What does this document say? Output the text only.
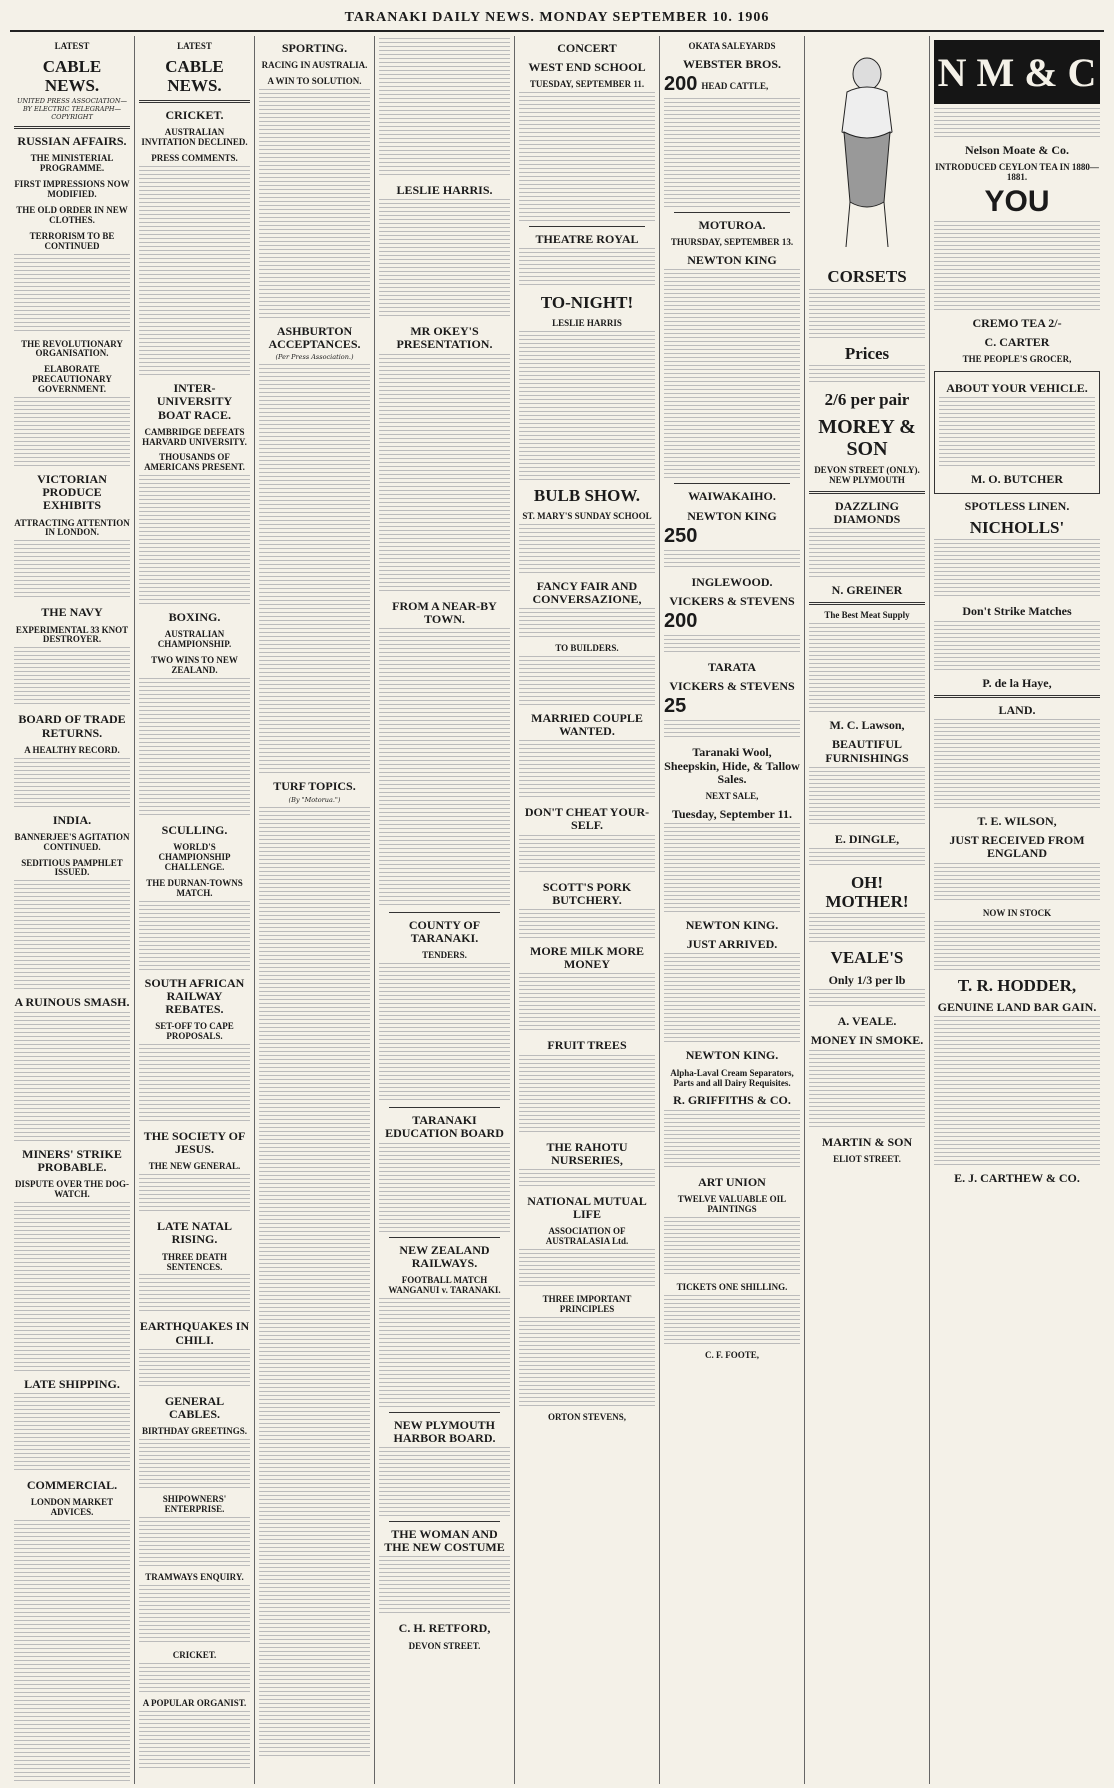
TARANAKI DAILY NEWS. MONDAY SEPTEMBER 10. 1906
LATEST
CABLE NEWS.
UNITED PRESS ASSOCIATION—BY ELECTRIC TELEGRAPH—COPYRIGHT
RUSSIAN AFFAIRS.
THE MINISTERIAL PROGRAMME.
FIRST IMPRESSIONS NOW MODIFIED.
THE OLD ORDER IN NEW CLOTHES.
TERRORISM TO BE CONTINUED
THE REVOLUTIONARY ORGANISATION.
ELABORATE PRECAUTIONARY GOVERNMENT.
VICTORIAN PRODUCE EXHIBITS
ATTRACTING ATTENTION IN LONDON.
THE NAVY
EXPERIMENTAL 33 KNOT DESTROYER.
BOARD OF TRADE RETURNS.
A HEALTHY RECORD.
INDIA.
BANNERJEE'S AGITATION CONTINUED.
SEDITIOUS PAMPHLET ISSUED.
A RUINOUS SMASH.
MINERS' STRIKE PROBABLE.
DISPUTE OVER THE DOG-WATCH.
LATE SHIPPING.
COMMERCIAL.
LONDON MARKET ADVICES.
LATEST
CABLE NEWS.
CRICKET.
AUSTRALIAN INVITATION DECLINED.
PRESS COMMENTS.
INTER-UNIVERSITY BOAT RACE.
CAMBRIDGE DEFEATS HARVARD UNIVERSITY.
THOUSANDS OF AMERICANS PRESENT.
BOXING.
AUSTRALIAN CHAMPIONSHIP.
TWO WINS TO NEW ZEALAND.
SCULLING.
WORLD'S CHAMPIONSHIP CHALLENGE.
THE DURNAN-TOWNS MATCH.
SOUTH AFRICAN RAILWAY REBATES.
SET-OFF TO CAPE PROPOSALS.
THE SOCIETY OF JESUS.
THE NEW GENERAL.
LATE NATAL RISING.
THREE DEATH SENTENCES.
EARTHQUAKES IN CHILI.
GENERAL CABLES.
BIRTHDAY GREETINGS.
SHIPOWNERS' ENTERPRISE.
TRAMWAYS ENQUIRY.
CRICKET.
A POPULAR ORGANIST.
SPORTING.
RACING IN AUSTRALIA.
A WIN TO SOLUTION.
ASHBURTON ACCEPTANCES.
(Per Press Association.)
TURF TOPICS.
(By "Motorua.")
LESLIE HARRIS.
MR OKEY'S PRESENTATION.
FROM A NEAR-BY TOWN.
COUNTY OF TARANAKI.
TENDERS.
TARANAKI EDUCATION BOARD
NEW ZEALAND RAILWAYS.
FOOTBALL MATCH WANGANUI v. TARANAKI.
NEW PLYMOUTH HARBOR BOARD.
THE WOMAN AND THE NEW COSTUME
C. H. RETFORD,
DEVON STREET.
CONCERT
WEST END SCHOOL
TUESDAY, SEPTEMBER 11.
THEATRE ROYAL
TO-NIGHT!
LESLIE HARRIS
BULB SHOW.
ST. MARY'S SUNDAY SCHOOL
FANCY FAIR AND CONVERSAZIONE,
TO BUILDERS.
MARRIED COUPLE WANTED.
DON'T CHEAT YOUR-SELF.
SCOTT'S PORK BUTCHERY.
MORE MILK MORE MONEY
FRUIT TREES
THE RAHOTU NURSERIES,
NATIONAL MUTUAL LIFE
ASSOCIATION OF AUSTRALASIA Ltd.
THREE IMPORTANT PRINCIPLES
ORTON STEVENS,
OKATA SALEYARDS
WEBSTER BROS.
200 HEAD CATTLE,
MOTUROA.
THURSDAY, SEPTEMBER 13.
NEWTON KING
WAIWAKAIHO.
NEWTON KING
250
INGLEWOOD.
VICKERS & STEVENS
200
TARATA
VICKERS & STEVENS
25
Taranaki Wool, Sheepskin, Hide, & Tallow Sales.
NEXT SALE,
Tuesday, September 11.
NEWTON KING.
JUST ARRIVED.
NEWTON KING.
Alpha-Laval Cream Separators, Parts and all Dairy Requisites.
R. GRIFFITHS & CO.
ART UNION
TWELVE VALUABLE OIL PAINTINGS
TICKETS ONE SHILLING.
C. F. FOOTE,
CORSETS
Prices
2/6 per pair
MOREY & SON
DEVON STREET (ONLY). NEW PLYMOUTH
DAZZLING DIAMONDS
N. GREINER
The Best Meat Supply
M. C. Lawson,
BEAUTIFUL FURNISHINGS
E. DINGLE,
OH! MOTHER!
VEALE'S
Only 1/3 per lb
A. VEALE.
MONEY IN SMOKE.
MARTIN & SON
ELIOT STREET.
N M & C
Nelson Moate & Co.
INTRODUCED CEYLON TEA IN 1880—1881.
YOU
CREMO TEA 2/-
C. CARTER
THE PEOPLE'S GROCER,
ABOUT YOUR VEHICLE.
M. O. BUTCHER
SPOTLESS LINEN.
NICHOLLS'
Don't Strike Matches
P. de la Haye,
LAND.
T. E. WILSON,
JUST RECEIVED FROM ENGLAND
NOW IN STOCK
T. R. HODDER,
GENUINE LAND BAR GAIN.
E. J. CARTHEW & CO.
